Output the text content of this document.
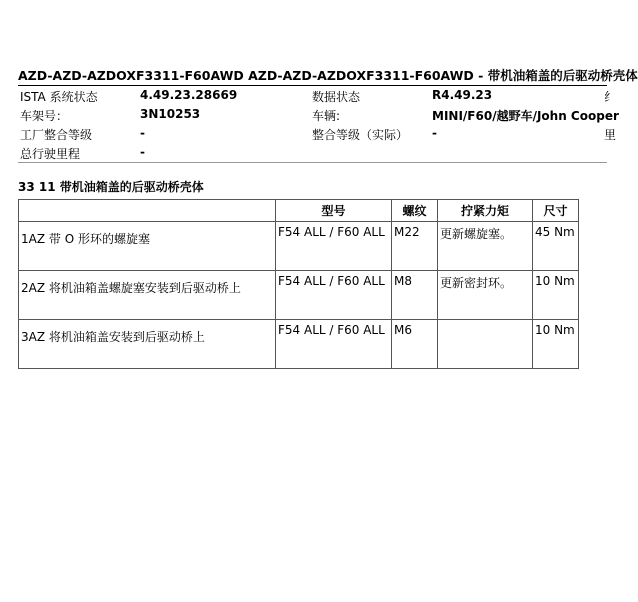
AZD-AZD-AZDOXF3311-F60AWD AZD-AZD-AZDOXF3311-F60AWD - 带机油箱盖的后驱动桥壳体
ISTA 系统状态	4.49.23.28669	数据状态	R4.49.23	纟
车架号：	3N10253	车辆:	MINI/F60/越野车/John Cooper
工厂整合等级	-	整合等级（实际） -	里
总行驶里程	-
33 11 带机油箱盖的后驱动桥壳体
	型号	螺纹	拧紧力矩	尺寸
1AZ 带 O 形环的螺旋塞	F54 ALL / F60 ALL	M22	更新螺旋塞。	45 Nm
2AZ 将机油箱盖螺旋塞安装到后驱动桥上	F54 ALL / F60 ALL	M8	更新密封环。	10 Nm
3AZ 将机油箱盖安装到后驱动桥上	F54 ALL / F60 ALL	M6		10 Nm
